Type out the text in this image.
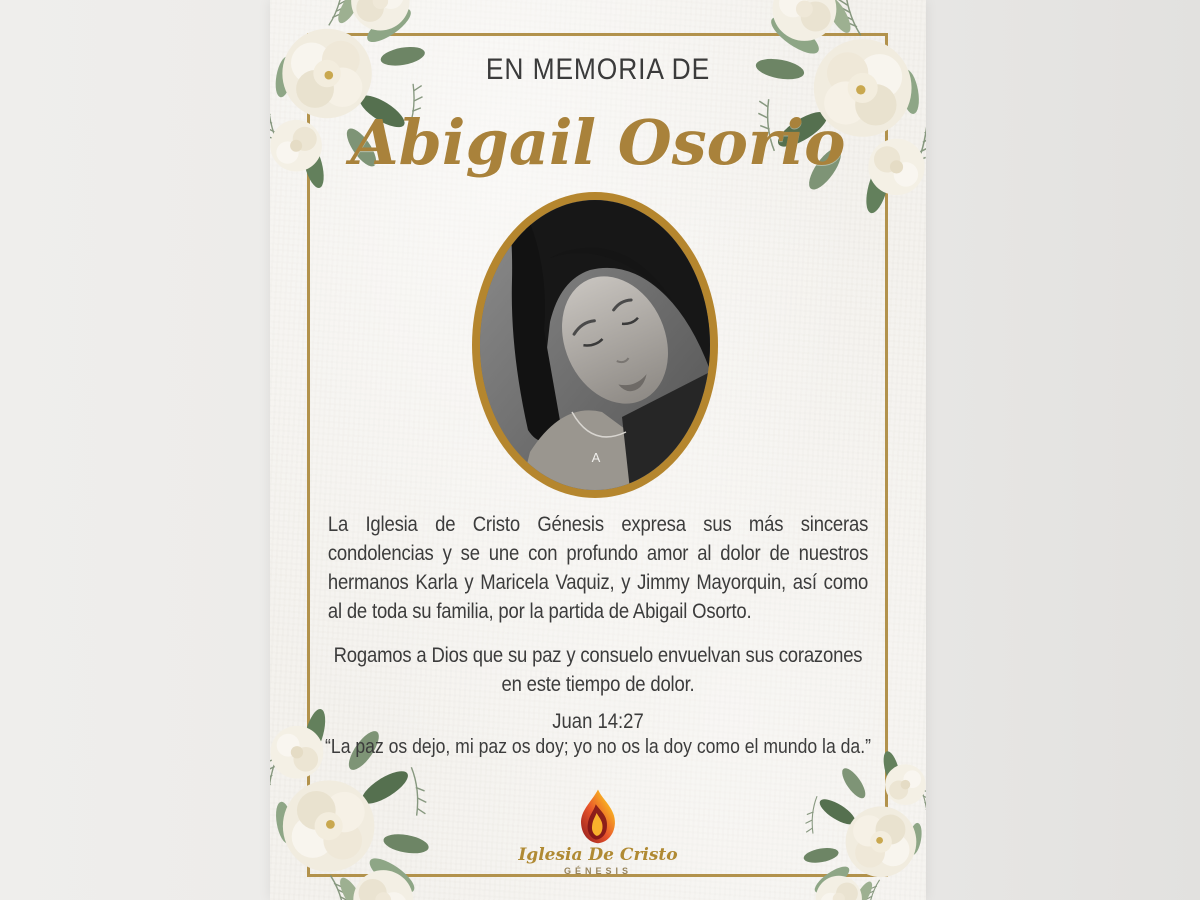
EN MEMORIA DE
Abigail Osorio
A

La Iglesia de Cristo Génesis expresa sus más sinceras condolencias y se une con profundo amor al dolor de nuestros hermanos Karla y Maricela Vaquiz, y Jimmy Mayorquin, así como al de toda su familia, por la partida de Abigail Osorto.

Rogamos a Dios que su paz y consuelo envuelvan sus corazones en este tiempo de dolor.

Juan 14:27
“La paz os dejo, mi paz os doy; yo no os la doy como el mundo la da.”
Iglesia De Cristo
GÉNESIS
